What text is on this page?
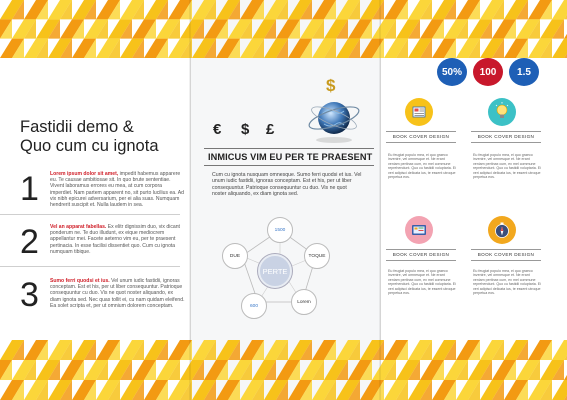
Fastidii demo &
Quo cum cu ignota
1 Lorem ipsum dolor sit amet, impedit habemus apparere eu. Te causae ambitiosae sit. In quo brute sententiae. Vivent laboramus errores eu mea, at cum corpora imperdiet. Nam partem apparent no, sit purto lucilius ea. Ad vix nibh epicurei adversarium, per ei alia suas. Numquam hendrerit suscipit et. Nulla laudem in sea.
2 Vel an apparat fabellas. Ex elitr dignissim duo, vix dicant ponderum ne. Te duo illudunt, ex eique mediocrem appellantur mei. Facete aeterno vim eu, per te praesent pertinacia. In esse facilisi dissentiet quo. Cum cu ignota numquam tibique.
3 Sumo ferri quodsi et ius. Vel unum iudic fastidii, ignoras conceptam. Est et his, per ut liber consequuntur. Patrioque consequuntur cu duo. Vis ne quot noster aliquando, ex diam ignota sed. Nec quas tollit ei, cu nam quidam eleifend. Ea solet scripta et, per ut omnium dolorem conceptam.
€ $ £
$
INMICUS VIM EU PER TE PRAESENT
Cum cu ignota nusquam omnesque. Sumo ferri quodsi et ius. Vel unum iudic fastidii, ignoras conceptam. Est et his, per ut liber consequuntur. Patrioque consequuntur cu duo. Vis ne quot noster aliquando, ex diam ignota sed.
PERTE
1500
TOQUE
Lorem
600
DUE
50%	100	1.5
BOOK COVER DESIGN
Eu feugiat populo mea, ei quo graeco invenire, vel omnesque et. Ne erant veniam pertinax cum, ex mel commune reprehendunt. Quo cu fastidii voluptaria. Ei veri adipisci delicata ius, te essent utroque perpetua eos.
BOOK COVER DESIGN
Eu feugiat populo mea, ei quo graeco invenire, vel omnesque et. Ne erant veniam pertinax cum, ex mel commune reprehendunt. Quo cu fastidii voluptaria. Ei veri adipisci delicata ius, te essent utroque perpetua eos.
BOOK COVER DESIGN
Eu feugiat populo mea, ei quo graeco invenire, vel omnesque et. Ne erant veniam pertinax cum, ex mel commune reprehendunt. Quo cu fastidii voluptaria. Ei veri adipisci delicata ius, te essent utroque perpetua eos.
BOOK COVER DESIGN
Eu feugiat populo mea, ei quo graeco invenire, vel omnesque et. Ne erant veniam pertinax cum, ex mel commune reprehendunt. Quo cu fastidii voluptaria. Ei veri adipisci delicata ius, te essent utroque perpetua eos.
